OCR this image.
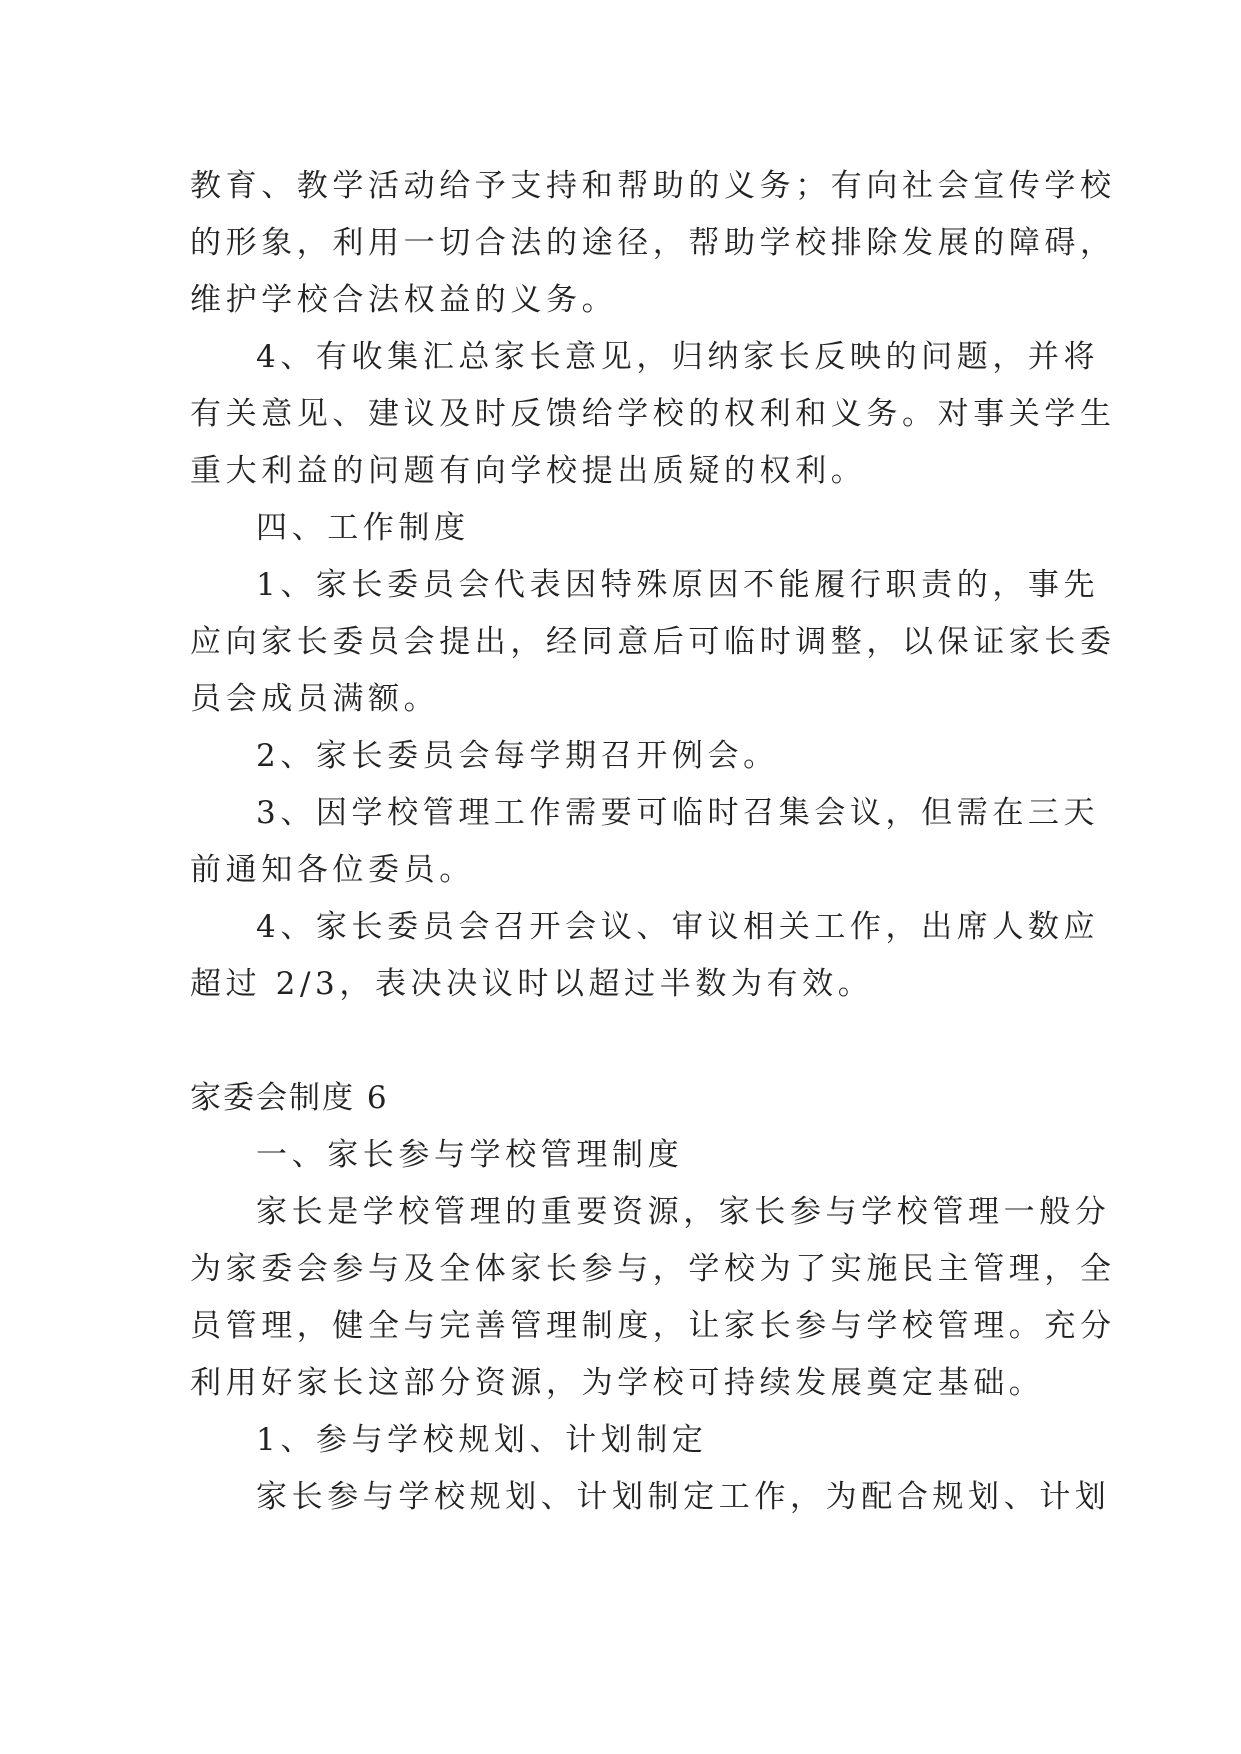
教育、教学活动给予支持和帮助的义务；有向社会宣传学校
的形象，利用一切合法的途径，帮助学校排除发展的障碍，
维护学校合法权益的义务。
4、有收集汇总家长意见，归纳家长反映的问题，并将
有关意见、建议及时反馈给学校的权利和义务。对事关学生
重大利益的问题有向学校提出质疑的权利。
四、工作制度
1、家长委员会代表因特殊原因不能履行职责的，事先
应向家长委员会提出，经同意后可临时调整，以保证家长委
员会成员满额。
2、家长委员会每学期召开例会。
3、因学校管理工作需要可临时召集会议，但需在三天
前通知各位委员。
4、家长委员会召开会议、审议相关工作，出席人数应
超过 2/3，表决决议时以超过半数为有效。
家委会制度 6
一、家长参与学校管理制度
家长是学校管理的重要资源，家长参与学校管理一般分
为家委会参与及全体家长参与，学校为了实施民主管理，全
员管理，健全与完善管理制度，让家长参与学校管理。充分
利用好家长这部分资源，为学校可持续发展奠定基础。
1、参与学校规划、计划制定
家长参与学校规划、计划制定工作，为配合规划、计划
